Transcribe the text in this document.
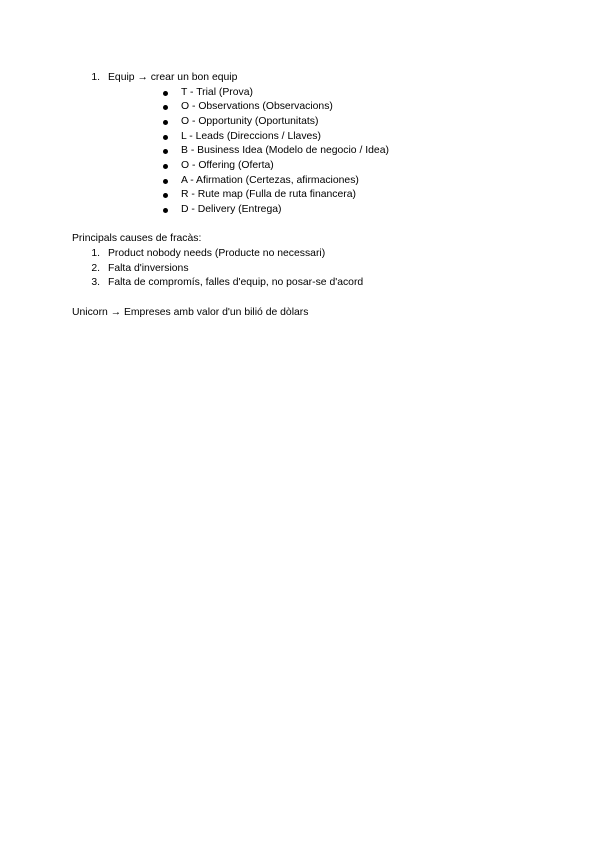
1. Equip → crear un bon equip
T - Trial (Prova)
O - Observations (Observacions)
O - Opportunity (Oportunitats)
L - Leads (Direccions / Llaves)
B - Business Idea (Modelo de negocio / Idea)
O - Offering (Oferta)
A - Afirmation (Certezas, afirmaciones)
R - Rute map (Fulla de ruta financera)
D - Delivery (Entrega)
Principals causes de fracàs:
1. Product nobody needs (Producte no necessari)
2. Falta d'inversions
3. Falta de compromís, falles d'equip, no posar-se d'acord
Unicorn → Empreses amb valor d'un bilió de dòlars
